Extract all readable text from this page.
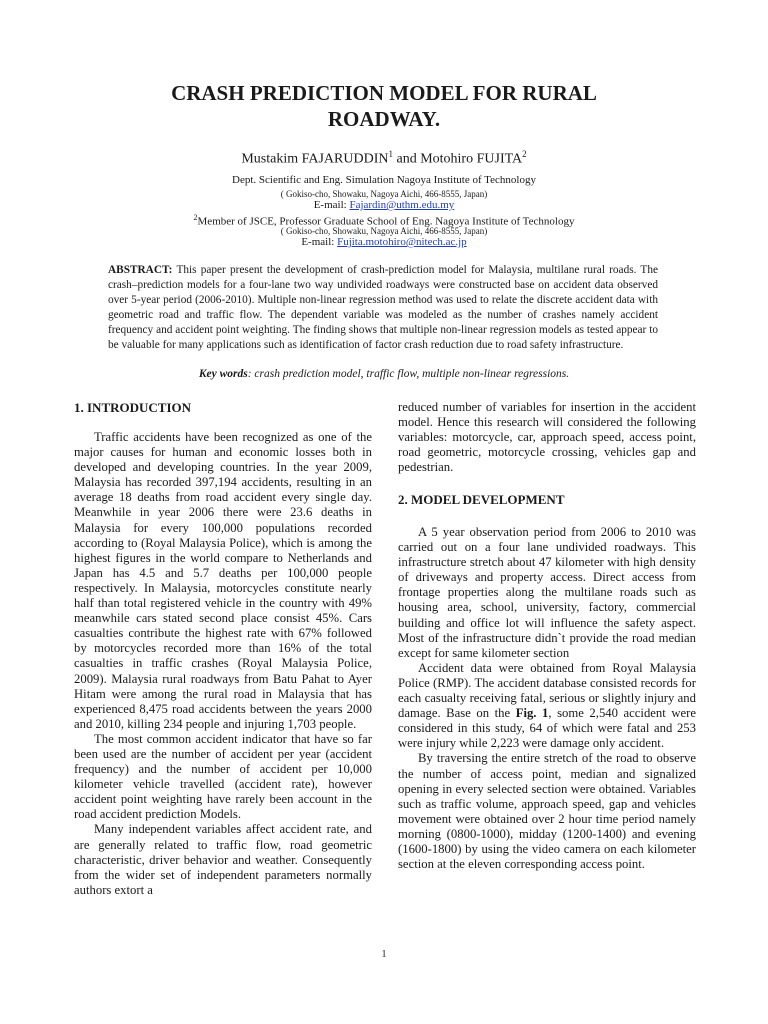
CRASH PREDICTION MODEL FOR RURAL
ROADWAY.
Mustakim FAJARUDDIN$^1$ and Motohiro FUJITA$^2$
Dept. Scientific and Eng. Simulation Nagoya Institute of Technology
( Gokiso-cho, Showaku, Nagoya Aichi, 466-8555, Japan)
E-mail: Fajardin@uthm.edu.my
$^2$Member of JSCE, Professor Graduate School of Eng. Nagoya Institute of Technology
( Gokiso-cho, Showaku, Nagoya Aichi, 466-8555, Japan)
E-mail: Fujita.motohiro@nitech.ac.jp
ABSTRACT: This paper present the development of crash-prediction model for Malaysia, multilane rural roads. The crash–prediction models for a four-lane two way undivided roadways were constructed base on accident data observed over 5-year period (2006-2010). Multiple non-linear regression method was used to relate the discrete accident data with geometric road and traffic flow. The dependent variable was modeled as the number of crashes namely accident frequency and accident point weighting. The finding shows that multiple non-linear regression models as tested appear to be valuable for many applications such as identification of factor crash reduction due to road safety infrastructure.
Key words: crash prediction model, traffic flow, multiple non-linear regressions.
1. INTRODUCTION

Traffic accidents have been recognized as one of the major causes for human and economic losses both in developed and developing countries. In the year 2009, Malaysia has recorded 397,194 accidents, resulting in an average 18 deaths from road accident every single day. Meanwhile in year 2006 there were 23.6 deaths in Malaysia for every 100,000 populations recorded according to (Royal Malaysia Police), which is among the highest figures in the world compare to Netherlands and Japan has 4.5 and 5.7 deaths per 100,000 people respectively. In Malaysia, motorcycles constitute nearly half than total registered vehicle in the country with 49% meanwhile cars stated second place consist 45%. Cars casualties contribute the highest rate with 67% followed by motorcycles recorded more than 16% of the total casualties in traffic crashes (Royal Malaysia Police, 2009). Malaysia rural roadways from Batu Pahat to Ayer Hitam were among the rural road in Malaysia that has experienced 8,475 road accidents between the years 2000 and 2010, killing 234 people and injuring 1,703 people.

The most common accident indicator that have so far been used are the number of accident per year (accident frequency) and the number of accident per 10,000 kilometer vehicle travelled (accident rate), however accident point weighting have rarely been account in the road accident prediction Models.

Many independent variables affect accident rate, and are generally related to traffic flow, road geometric characteristic, driver behavior and weather. Consequently from the wider set of independent parameters normally authors extort a

reduced number of variables for insertion in the accident model. Hence this research will considered the following variables: motorcycle, car, approach speed, access point, road geometric, motorcycle crossing, vehicles gap and pedestrian.

2. MODEL DEVELOPMENT

A 5 year observation period from 2006 to 2010 was carried out on a four lane undivided roadways. This infrastructure stretch about 47 kilometer with high density of driveways and property access. Direct access from frontage properties along the multilane roads such as housing area, school, university, factory, commercial building and office lot will influence the safety aspect. Most of the infrastructure didn`t provide the road median except for same kilometer section

Accident data were obtained from Royal Malaysia Police (RMP). The accident database consisted records for each casualty receiving fatal, serious or slightly injury and damage. Base on the Fig. 1, some 2,540 accident were considered in this study, 64 of which were fatal and 253 were injury while 2,223 were damage only accident.

By traversing the entire stretch of the road to observe the number of access point, median and signalized opening in every selected section were obtained. Variables such as traffic volume, approach speed, gap and vehicles movement were obtained over 2 hour time period namely morning (0800-1000), midday (1200-1400) and evening (1600-1800) by using the video camera on each kilometer section at the eleven corresponding access point.

1
